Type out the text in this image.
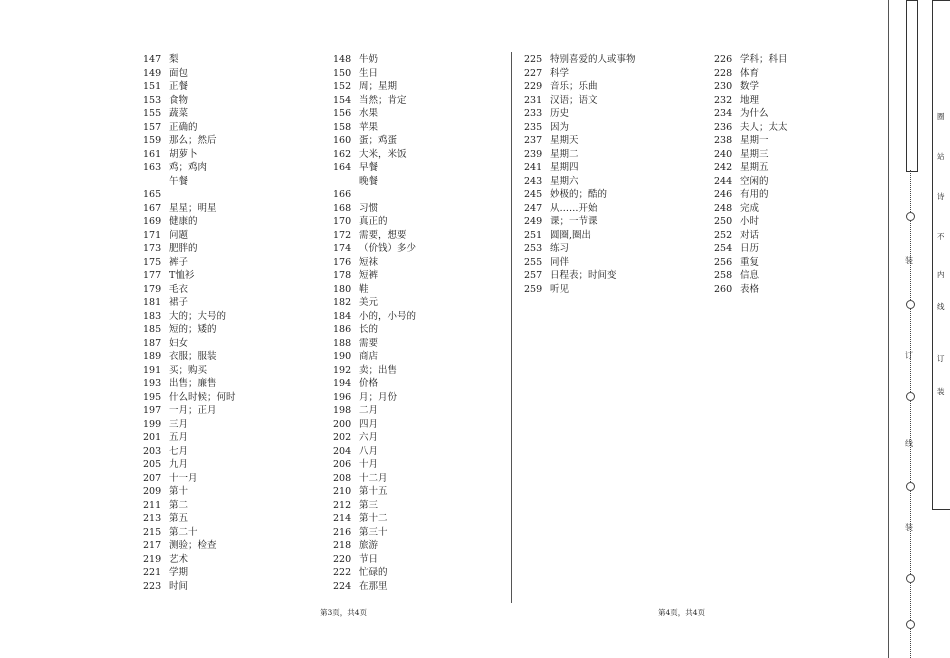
147 梨
149 面包
151 正餐
153 食物
155 蔬菜
157 正确的
159 那么；然后
161 胡萝卜
163 鸡；鸡肉
165
午餐
167 星星；明星
169 健康的
171 问题
173 肥胖的
175 裤子
177 T恤衫
179 毛衣
181 裙子
183 大的；大号的
185 短的；矮的
187 妇女
189 衣服；服装
191 买；购买
193 出售；廉售
195 什么时候；何时
197 一月；正月
199 三月
201 五月
203 七月
205 九月
207 十一月
209 第十
211 第二
213 第五
215 第二十
217 测验；检查
219 艺术
221 学期
223 时间
148 牛奶
150 生日
152 周；星期
154 当然；肯定
156 水果
158 苹果
160 蛋；鸡蛋
162 大米，米饭
164 早餐
166
晚餐
168 习惯
170 真正的
172 需要，想要
174 （价钱）多少
176 短袜
178 短裤
180 鞋
182 美元
184 小的，小号的
186 长的
188 需要
190 商店
192 卖；出售
194 价格
196 月；月份
198 二月
200 四月
202 六月
204 八月
206 十月
208 十二月
210 第十五
212 第三
214 第十二
216 第三十
218 旅游
220 节日
222 忙碌的
224 在那里
225 特别喜爱的人或事物
227 科学
229 音乐；乐曲
231 汉语；语文
233 历史
235 因为
237 星期天
239 星期二
241 星期四
243 星期六
245 妙极的；酷的
247 从……开始
249 课；一节课
251 圆圈,圈出
253 练习
255 同伴
257 日程表；时间变
259 听见
226 学科；科目
228 体育
230 数学
232 地理
234 为什么
236 夫人；太太
238 星期一
240 星期三
242 星期五
244 空闲的
246 有用的
248 完成
250 小时
252 对话
254 日历
256 重复
258 信息
260 表格
第3页，共4页	第4页，共4页
圈
站
诗
不
内
线
订
装
装
订
线
装
